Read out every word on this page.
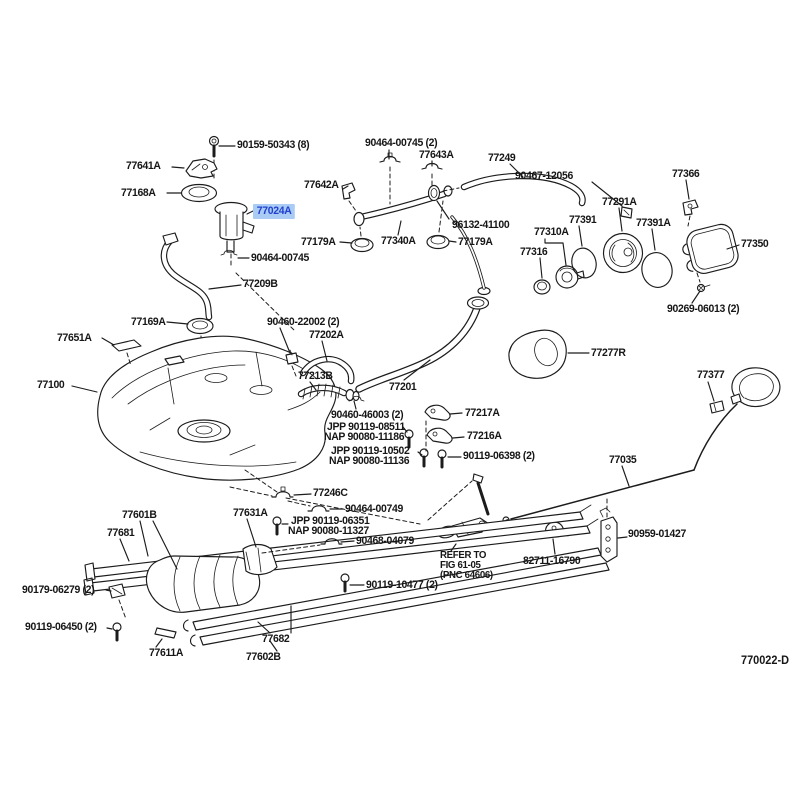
90159-50343 (8)
77641A
77168A
77024A
77642A
90464-00745 (2)
77643A	77249
90467-12056	77366
77291A
77391	77391A
77350
77310A
77316
96132-41100
77340A	77179A
77179A
90464-00745
77209B
90269-06013 (2)
77169A
77651A
90460-22002 (2)
77202A
77100
77213B
77201
77277R
77377
77217A
90460-46003 (2)
JPP 90119-08511
NAP 90080-11186	77216A
JPP 90119-10502
NAP 90080-11136	90119-06398 (2)	77035
77246C
77601B	90464-00749
77631A
JPP 90119-06351
NAP 90080-11327
77681
90468-04079
REFER TO
FIG 61-05
(PNC 64606)
82711-16790
90959-01427
90179-06279 (2)	90119-10477 (2)
90119-06450 (2)
77611A
77682
77602B	770022-D
